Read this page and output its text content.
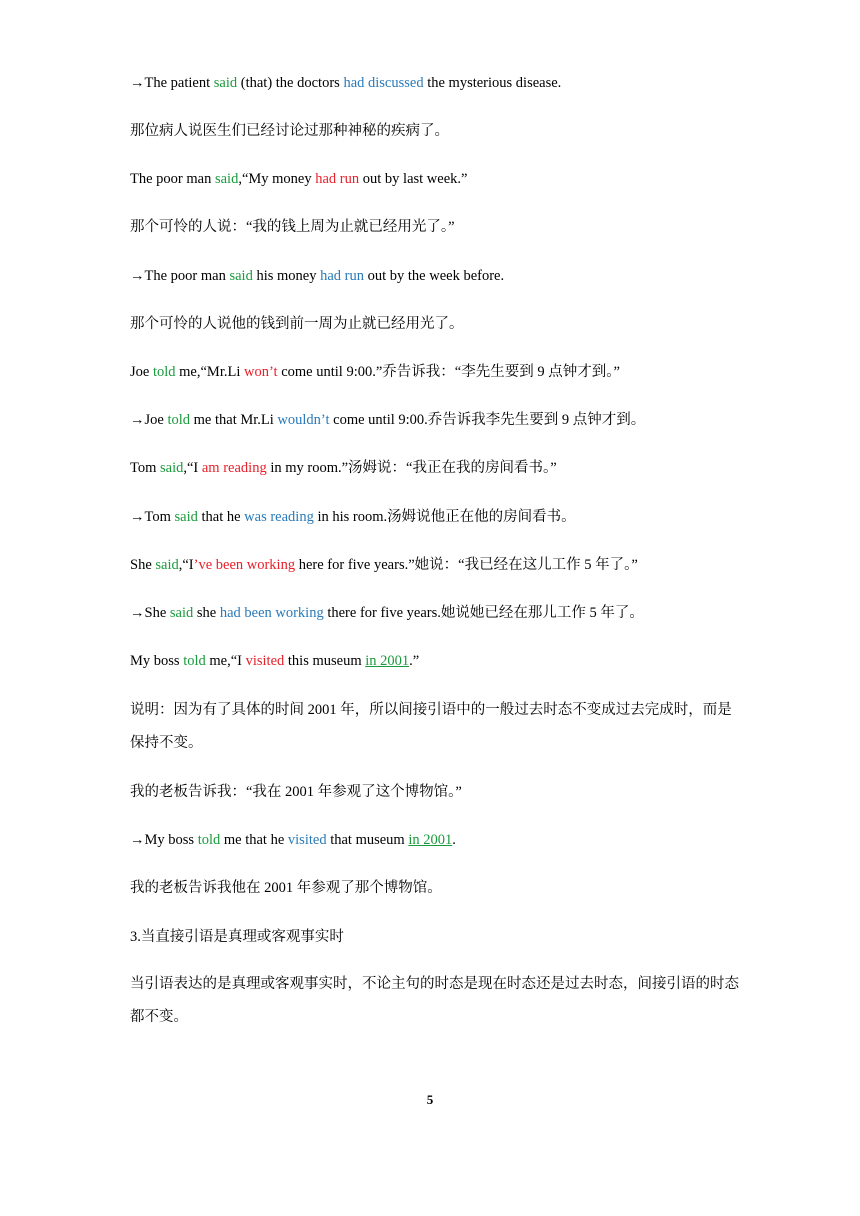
→The patient said (that) the doctors had discussed the mysterious disease.
那位病人说医生们已经讨论过那种神秘的疾病了。
The poor man said,“My money had run out by last week.”
那个可怜的人说：“我的钱上周为止就已经用光了。”
→The poor man said his money had run out by the week before.
那个可怜的人说他的钱到前一周为止就已经用光了。
Joe told me,“Mr.Li won’t come until 9:00.”乔告诉我：“李先生要到 9 点钟才到。”
→Joe told me that Mr.Li wouldn’t come until 9:00.乔告诉我李先生要到 9 点钟才到。
Tom said,“I am reading in my room.”汤姆说：“我正在我的房间看书。”
→Tom said that he was reading in his room.汤姆说他正在他的房间看书。
She said,“I’ve been working here for five years.”她说：“我已经在这儿工作 5 年了。”
→She said she had been working there for five years.她说她已经在那儿工作 5 年了。
My boss told me,“I visited this museum in 2001.”
说明：因为有了具体的时间 2001 年，所以间接引语中的一般过去时态不变成过去完成时，而是保持不变。
我的老板告诉我：“我在 2001 年参观了这个博物馆。”
→My boss told me that he visited that museum in 2001.
我的老板告诉我他在 2001 年参观了那个博物馆。
3.当直接引语是真理或客观事实时
当引语表达的是真理或客观事实时，不论主句的时态是现在时态还是过去时态，间接引语的时态都不变。
5
